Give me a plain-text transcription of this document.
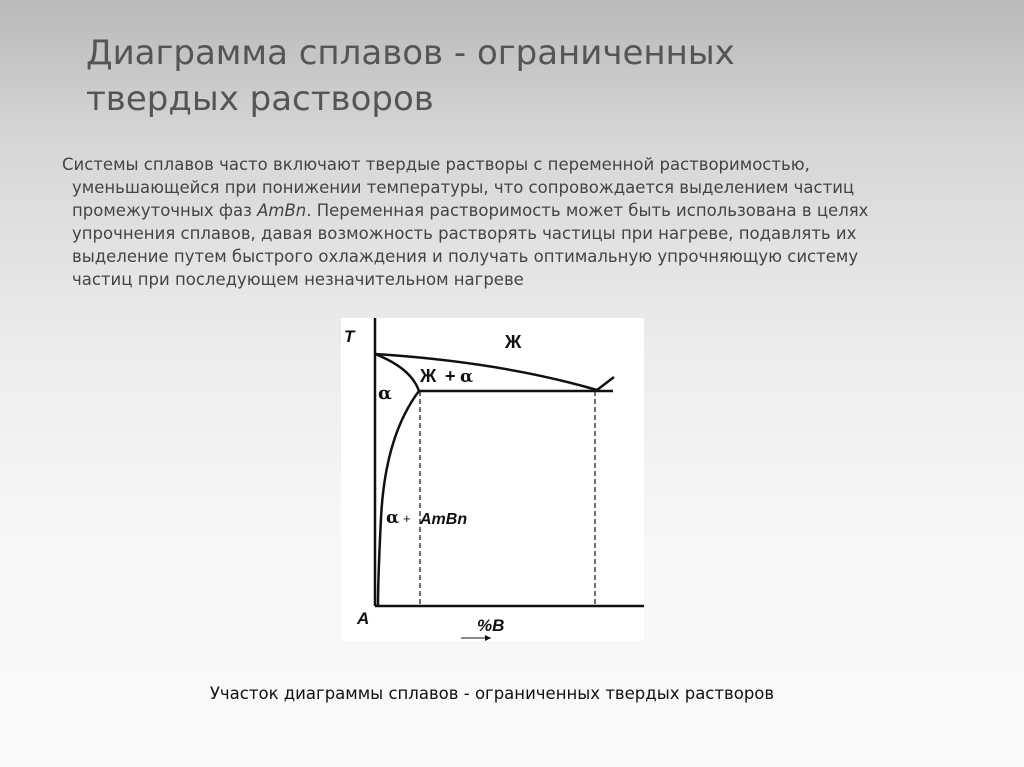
Диаграмма сплавов - ограниченных
твердых растворов

Системы сплавов часто включают твердые растворы с переменной растворимостью,
уменьшающейся при понижении температуры, что сопровождается выделением частиц
промежуточных фаз AmBn. Переменная растворимость может быть использована в целях
упрочнения сплавов, давая возможность растворять частицы при нагреве, подавлять их
выделение путем быстрого охлаждения и получать оптимальную упрочняющую систему
частиц при последующем незначительном нагреве

T
A	%B
Ж
Ж + α
α
α + AmBn

Участок диаграммы сплавов - ограниченных твердых растворов
